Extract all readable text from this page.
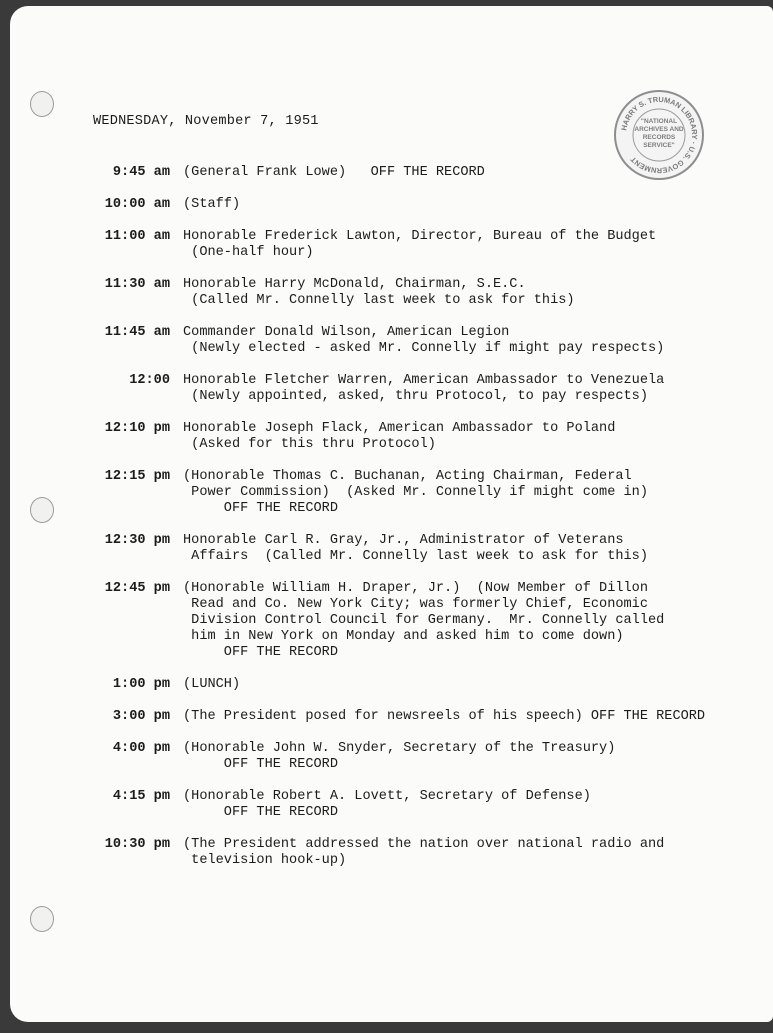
HARRY S. TRUMAN LIBRARY · U.S. GOVERNMENT
"NATIONAL
ARCHIVES AND
RECORDS
SERVICE"

WEDNESDAY, November 7, 1951

9:45 am (General Frank Lowe)   OFF THE RECORD
10:00 am (Staff)
11:00 am Honorable Frederick Lawton, Director, Bureau of the Budget
(One-half hour)
11:30 am Honorable Harry McDonald, Chairman, S.E.C.
(Called Mr. Connelly last week to ask for this)
11:45 am Commander Donald Wilson, American Legion
(Newly elected - asked Mr. Connelly if might pay respects)
12:00 Honorable Fletcher Warren, American Ambassador to Venezuela
(Newly appointed, asked, thru Protocol, to pay respects)
12:10 pm Honorable Joseph Flack, American Ambassador to Poland
(Asked for this thru Protocol)
12:15 pm (Honorable Thomas C. Buchanan, Acting Chairman, Federal
Power Commission)  (Asked Mr. Connelly if might come in)
OFF THE RECORD
12:30 pm Honorable Carl R. Gray, Jr., Administrator of Veterans
Affairs  (Called Mr. Connelly last week to ask for this)
12:45 pm (Honorable William H. Draper, Jr.)  (Now Member of Dillon
Read and Co. New York City; was formerly Chief, Economic
Division Control Council for Germany.  Mr. Connelly called
him in New York on Monday and asked him to come down)
OFF THE RECORD
1:00 pm (LUNCH)
3:00 pm (The President posed for newsreels of his speech) OFF THE RECORD
4:00 pm (Honorable John W. Snyder, Secretary of the Treasury)
OFF THE RECORD
4:15 pm (Honorable Robert A. Lovett, Secretary of Defense)
OFF THE RECORD
10:30 pm (The President addressed the nation over national radio and
television hook-up)
